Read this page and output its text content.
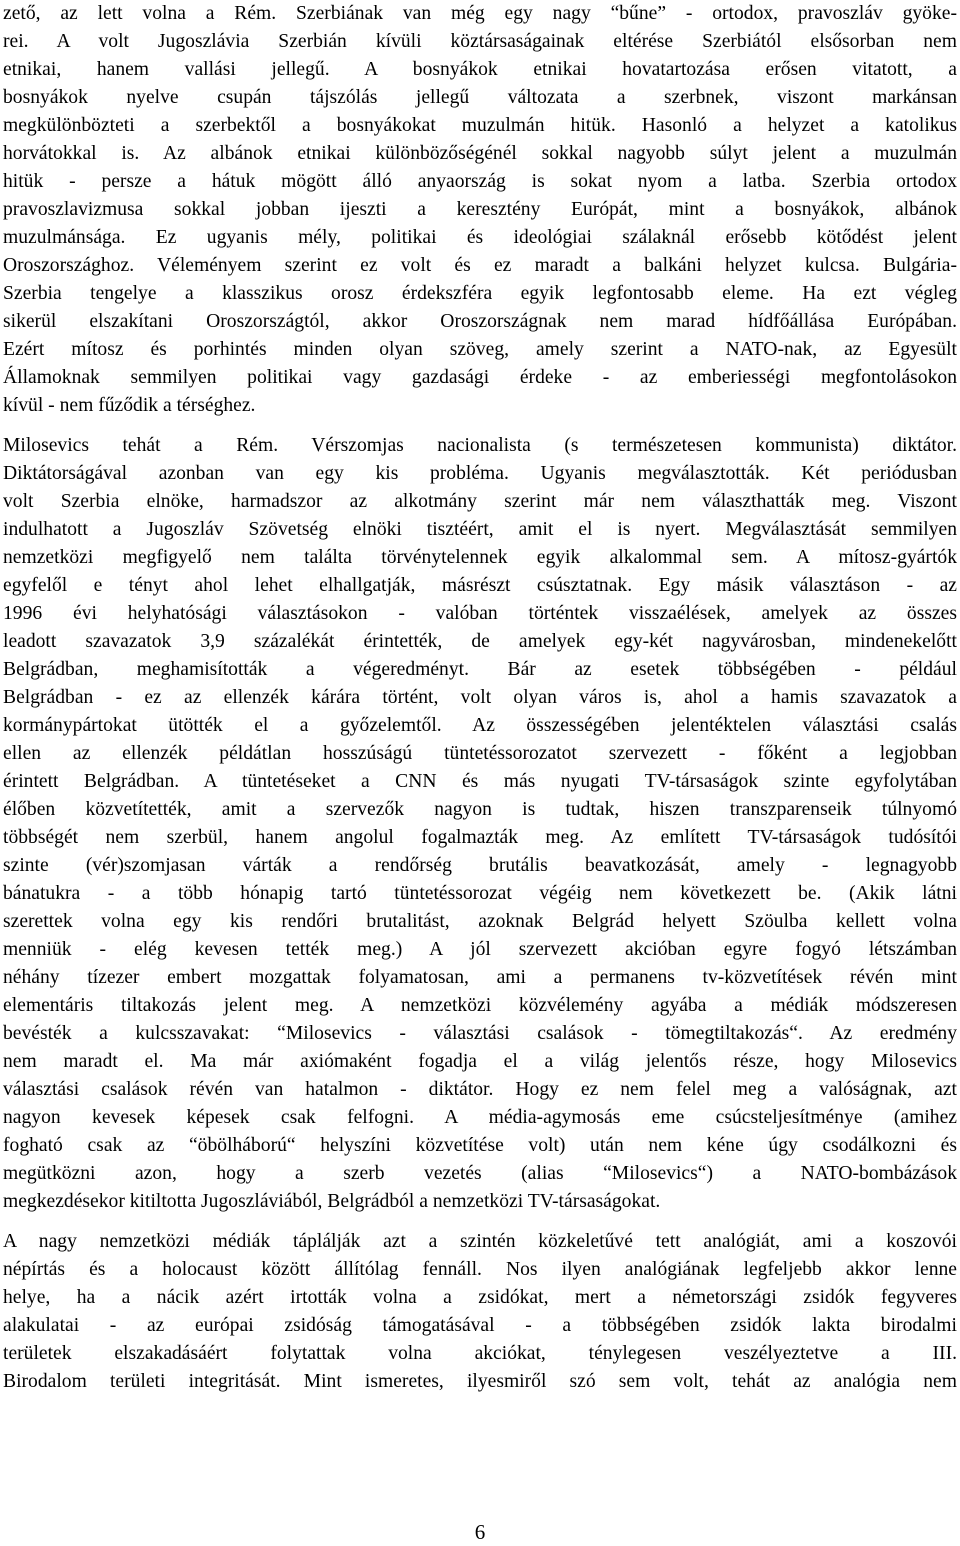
zető, az lett volna a Rém. Szerbiának van még egy nagy “bűne” - ortodox, pravoszláv gyöke-
rei. A volt Jugoszlávia Szerbián kívüli köztársaságainak eltérése Szerbiától elsősorban nem
etnikai, hanem vallási jellegű. A bosnyákok etnikai hovatartozása erősen vitatott, a
bosnyákok nyelve csupán tájszólás jellegű változata a szerbnek, viszont markánsan
megkülönbözteti a szerbektől a bosnyákokat muzulmán hitük. Hasonló a helyzet a katolikus
horvátokkal is. Az albánok etnikai különbözőségénél sokkal nagyobb súlyt jelent a muzulmán
hitük - persze a hátuk mögött álló anyaország is sokat nyom a latba. Szerbia ortodox
pravoszlavizmusa sokkal jobban ijeszti a keresztény Európát, mint a bosnyákok, albánok
muzulmánsága. Ez ugyanis mély, politikai és ideológiai szálaknál erősebb kötődést jelent
Oroszországhoz. Véleményem szerint ez volt és ez maradt a balkáni helyzet kulcsa. Bulgária-
Szerbia tengelye a klasszikus orosz érdekszféra egyik legfontosabb eleme. Ha ezt végleg
sikerül elszakítani Oroszországtól, akkor Oroszországnak nem marad hídfőállása Európában.
Ezért mítosz és porhintés minden olyan szöveg, amely szerint a NATO-nak, az Egyesült
Államoknak semmilyen politikai vagy gazdasági érdeke - az emberiességi megfontolásokon
kívül - nem fűződik a térséghez.
Milosevics tehát a Rém. Vérszomjas nacionalista (s természetesen kommunista) diktátor.
Diktátorságával azonban van egy kis probléma. Ugyanis megválasztották. Két periódusban
volt Szerbia elnöke, harmadszor az alkotmány szerint már nem választhatták meg. Viszont
indulhatott a Jugoszláv Szövetség elnöki tisztéért, amit el is nyert. Megválasztását semmilyen
nemzetközi megfigyelő nem találta törvénytelennek egyik alkalommal sem. A mítosz-gyártók
egyfelől e tényt ahol lehet elhallgatják, másrészt csúsztatnak. Egy másik választáson - az
1996 évi helyhatósági választásokon - valóban történtek visszaélések, amelyek az összes
leadott szavazatok 3,9 százalékát érintették, de amelyek egy-két nagyvárosban, mindenekelőtt
Belgrádban, meghamisították a végeredményt. Bár az esetek többségében - például
Belgrádban - ez az ellenzék kárára történt, volt olyan város is, ahol a hamis szavazatok a
kormánypártokat ütötték el a győzelemtől. Az összességében jelentéktelen választási csalás
ellen az ellenzék példátlan hosszúságú tüntetéssorozatot szervezett - főként a legjobban
érintett Belgrádban. A tüntetéseket a CNN és más nyugati TV-társaságok szinte egyfolytában
élőben közvetítették, amit a szervezők nagyon is tudtak, hiszen transzparenseik túlnyomó
többségét nem szerbül, hanem angolul fogalmazták meg. Az említett TV-társaságok tudósítói
szinte (vér)szomjasan várták a rendőrség brutális beavatkozását, amely - legnagyobb
bánatukra - a több hónapig tartó tüntetéssorozat végéig nem következett be. (Akik látni
szerettek volna egy kis rendőri brutalitást, azoknak Belgrád helyett Szöulba kellett volna
menniük - elég kevesen tették meg.) A jól szervezett akcióban egyre fogyó létszámban
néhány tízezer embert mozgattak folyamatosan, ami a permanens tv-közvetítések révén mint
elementáris tiltakozás jelent meg. A nemzetközi közvélemény agyába a médiák módszeresen
bevésték a kulcsszavakat: “Milosevics - választási csalások - tömegtiltakozás“. Az eredmény
nem maradt el. Ma már axiómaként fogadja el a világ jelentős része, hogy Milosevics
választási csalások révén van hatalmon - diktátor. Hogy ez nem felel meg a valóságnak, azt
nagyon kevesek képesek csak felfogni. A média-agymosás eme csúcsteljesítménye (amihez
fogható csak az “öbölháború“ helyszíni közvetítése volt) után nem kéne úgy csodálkozni és
megütközni azon, hogy a szerb vezetés (alias “Milosevics“) a NATO-bombázások
megkezdésekor kitiltotta Jugoszláviából, Belgrádból a nemzetközi TV-társaságokat.
A nagy nemzetközi médiák táplálják azt a szintén közkeletűvé tett analógiát, ami a koszovói
népírtás és a holocaust között állítólag fennáll. Nos ilyen analógiának legfeljebb akkor lenne
helye, ha a nácik azért irtották volna a zsidókat, mert a németországi zsidók fegyveres
alakulatai - az európai zsidóság támogatásával - a többségében zsidók lakta birodalmi
területek elszakadásáért folytattak volna akciókat, ténylegesen veszélyeztetve a III.
Birodalom területi integritását. Mint ismeretes, ilyesmiről szó sem volt, tehát az analógia nem
6
